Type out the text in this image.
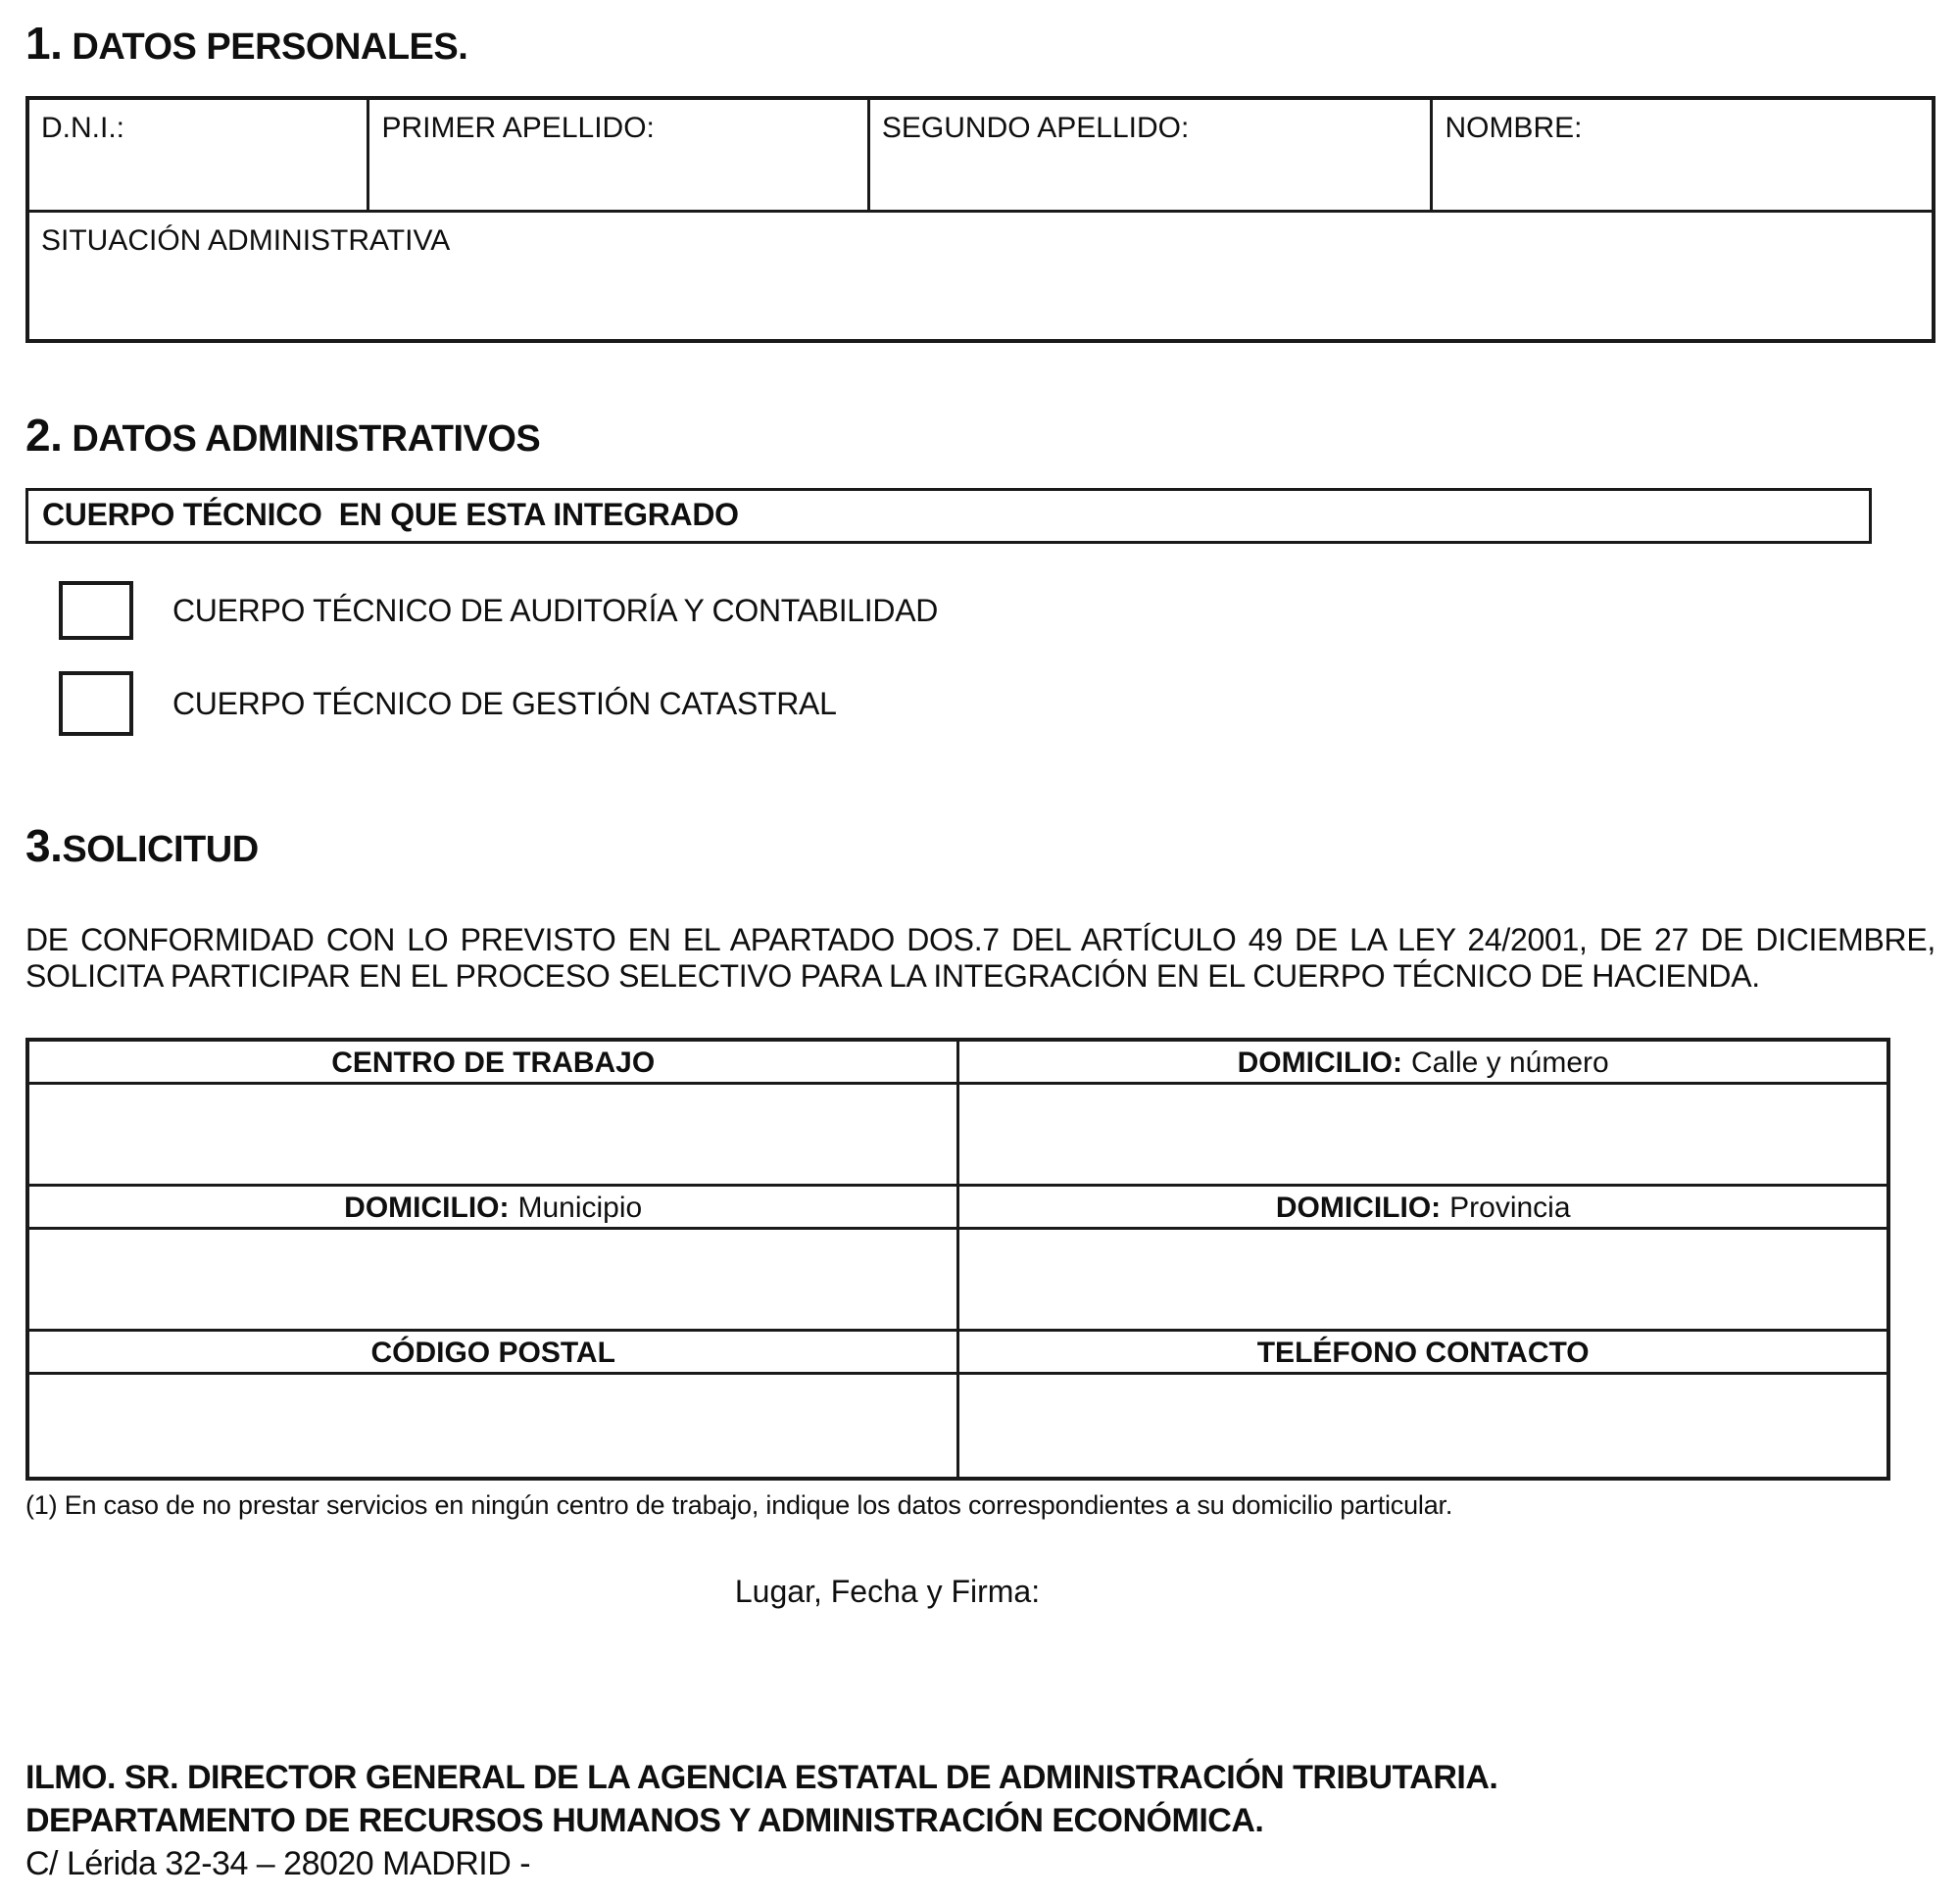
1. DATOS PERSONALES.
D.N.I.:	PRIMER APELLIDO:	SEGUNDO APELLIDO:	NOMBRE:
SITUACIÓN ADMINISTRATIVA
2. DATOS ADMINISTRATIVOS
CUERPO TÉCNICO  EN QUE ESTA INTEGRADO
CUERPO TÉCNICO DE AUDITORÍA Y CONTABILIDAD
CUERPO TÉCNICO DE GESTIÓN CATASTRAL
3.SOLICITUD
DE CONFORMIDAD CON LO PREVISTO EN EL APARTADO DOS.7 DEL ARTÍCULO 49 DE LA LEY 24/2001, DE 27 DE DICIEMBRE, SOLICITA PARTICIPAR EN EL PROCESO SELECTIVO PARA LA INTEGRACIÓN EN EL CUERPO TÉCNICO DE HACIENDA.
CENTRO DE TRABAJO	DOMICILIO: Calle y número
DOMICILIO: Municipio	DOMICILIO: Provincia
CÓDIGO POSTAL	TELÉFONO CONTACTO
(1) En caso de no prestar servicios en ningún centro de trabajo, indique los datos correspondientes a su domicilio particular.
Lugar, Fecha y Firma:
ILMO. SR. DIRECTOR GENERAL DE LA AGENCIA ESTATAL DE ADMINISTRACIÓN TRIBUTARIA.
DEPARTAMENTO DE RECURSOS HUMANOS Y ADMINISTRACIÓN ECONÓMICA.
C/ Lérida 32-34 – 28020 MADRID -
